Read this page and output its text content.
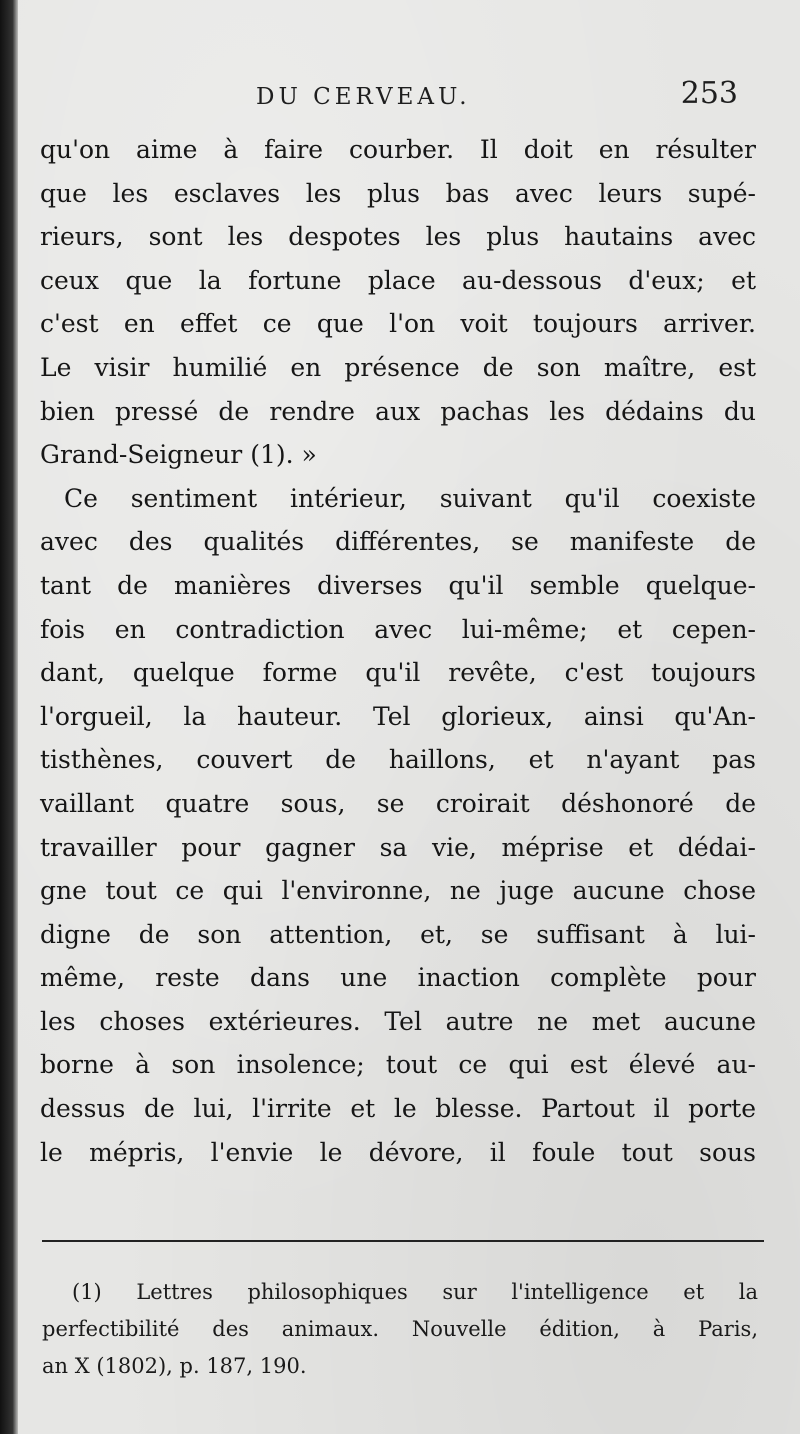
DU CERVEAU.	253
qu'on aime à faire courber. Il doit en résulter
que les esclaves les plus bas avec leurs supé-
rieurs, sont les despotes les plus hautains avec
ceux que la fortune place au-dessous d'eux; et
c'est en effet ce que l'on voit toujours arriver.
Le visir humilié en présence de son maître, est
bien pressé de rendre aux pachas les dédains du
Grand-Seigneur (1). »
Ce sentiment intérieur, suivant qu'il coexiste
avec des qualités différentes, se manifeste de
tant de manières diverses qu'il semble quelque-
fois en contradiction avec lui-même; et cepen-
dant, quelque forme qu'il revête, c'est toujours
l'orgueil, la hauteur. Tel glorieux, ainsi qu'An-
tisthènes, couvert de haillons, et n'ayant pas
vaillant quatre sous, se croirait déshonoré de
travailler pour gagner sa vie, méprise et dédai-
gne tout ce qui l'environne, ne juge aucune chose
digne de son attention, et, se suffisant à lui-
même, reste dans une inaction complète pour
les choses extérieures. Tel autre ne met aucune
borne à son insolence; tout ce qui est élevé au-
dessus de lui, l'irrite et le blesse. Partout il porte
le mépris, l'envie le dévore, il foule tout sous
(1) Lettres philosophiques sur l'intelligence et la
perfectibilité des animaux. Nouvelle édition, à Paris,
an X (1802), p. 187, 190.
